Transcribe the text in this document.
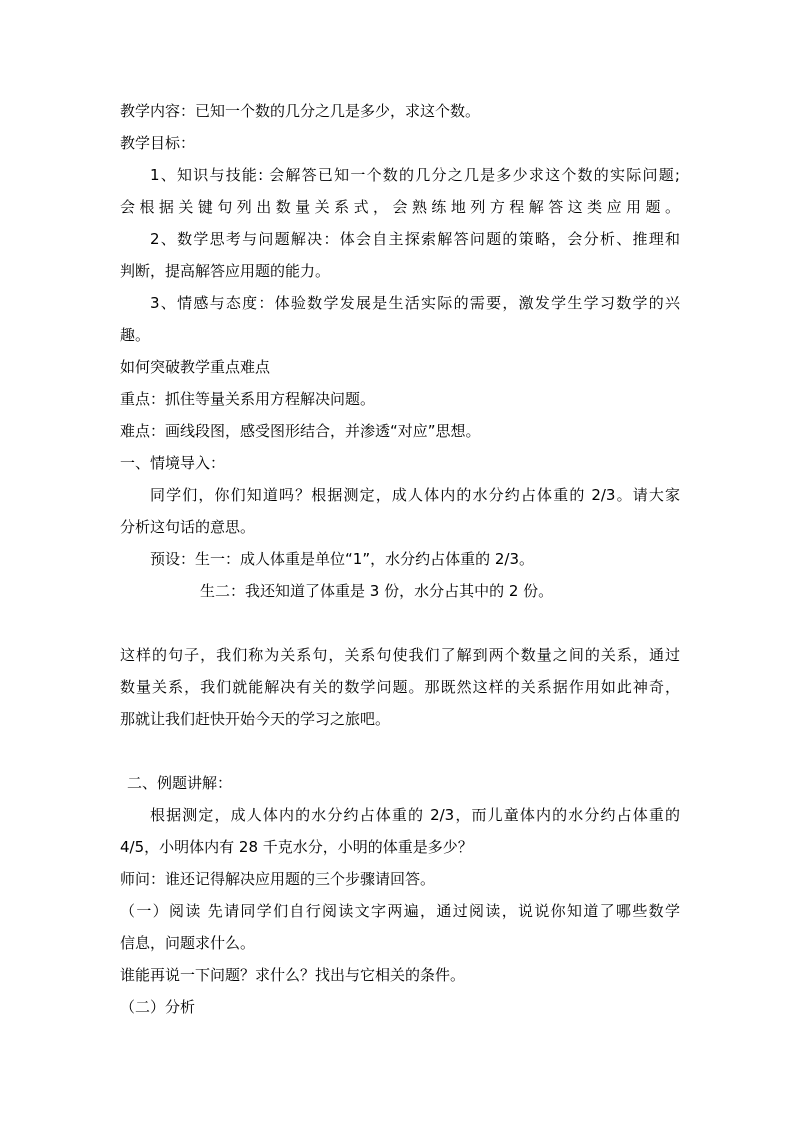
教学内容：已知一个数的几分之几是多少，求这个数。
教学目标：
1、知识与技能: 会解答已知一个数的几分之几是多少求这个数的实际问题;
会根据关键句列出数量关系式，会熟练地列方程解答这类应用题。
2、数学思考与问题解决：体会自主探索解答问题的策略，会分析、推理和
判断，提高解答应用题的能力。
3、情感与态度：体验数学发展是生活实际的需要，激发学生学习数学的兴
趣。
如何突破教学重点难点
重点：抓住等量关系用方程解决问题。
难点：画线段图，感受图形结合，并渗透“对应”思想。
一、情境导入：
同学们，你们知道吗？根据测定，成人体内的水分约占体重的 2/3。请大家
分析这句话的意思。
预设：生一：成人体重是单位“1”，水分约占体重的 2/3。
生二：我还知道了体重是 3 份，水分占其中的 2 份。
这样的句子，我们称为关系句，关系句使我们了解到两个数量之间的关系，通过
数量关系，我们就能解决有关的数学问题。那既然这样的关系据作用如此神奇，
那就让我们赶快开始今天的学习之旅吧。
二、例题讲解：
根据测定，成人体内的水分约占体重的 2/3，而儿童体内的水分约占体重的
4/5，小明体内有 28 千克水分，小明的体重是多少？
师问：谁还记得解决应用题的三个步骤请回答。
（一）阅读 先请同学们自行阅读文字两遍，通过阅读，说说你知道了哪些数学
信息，问题求什么。
谁能再说一下问题？求什么？找出与它相关的条件。
（二）分析
